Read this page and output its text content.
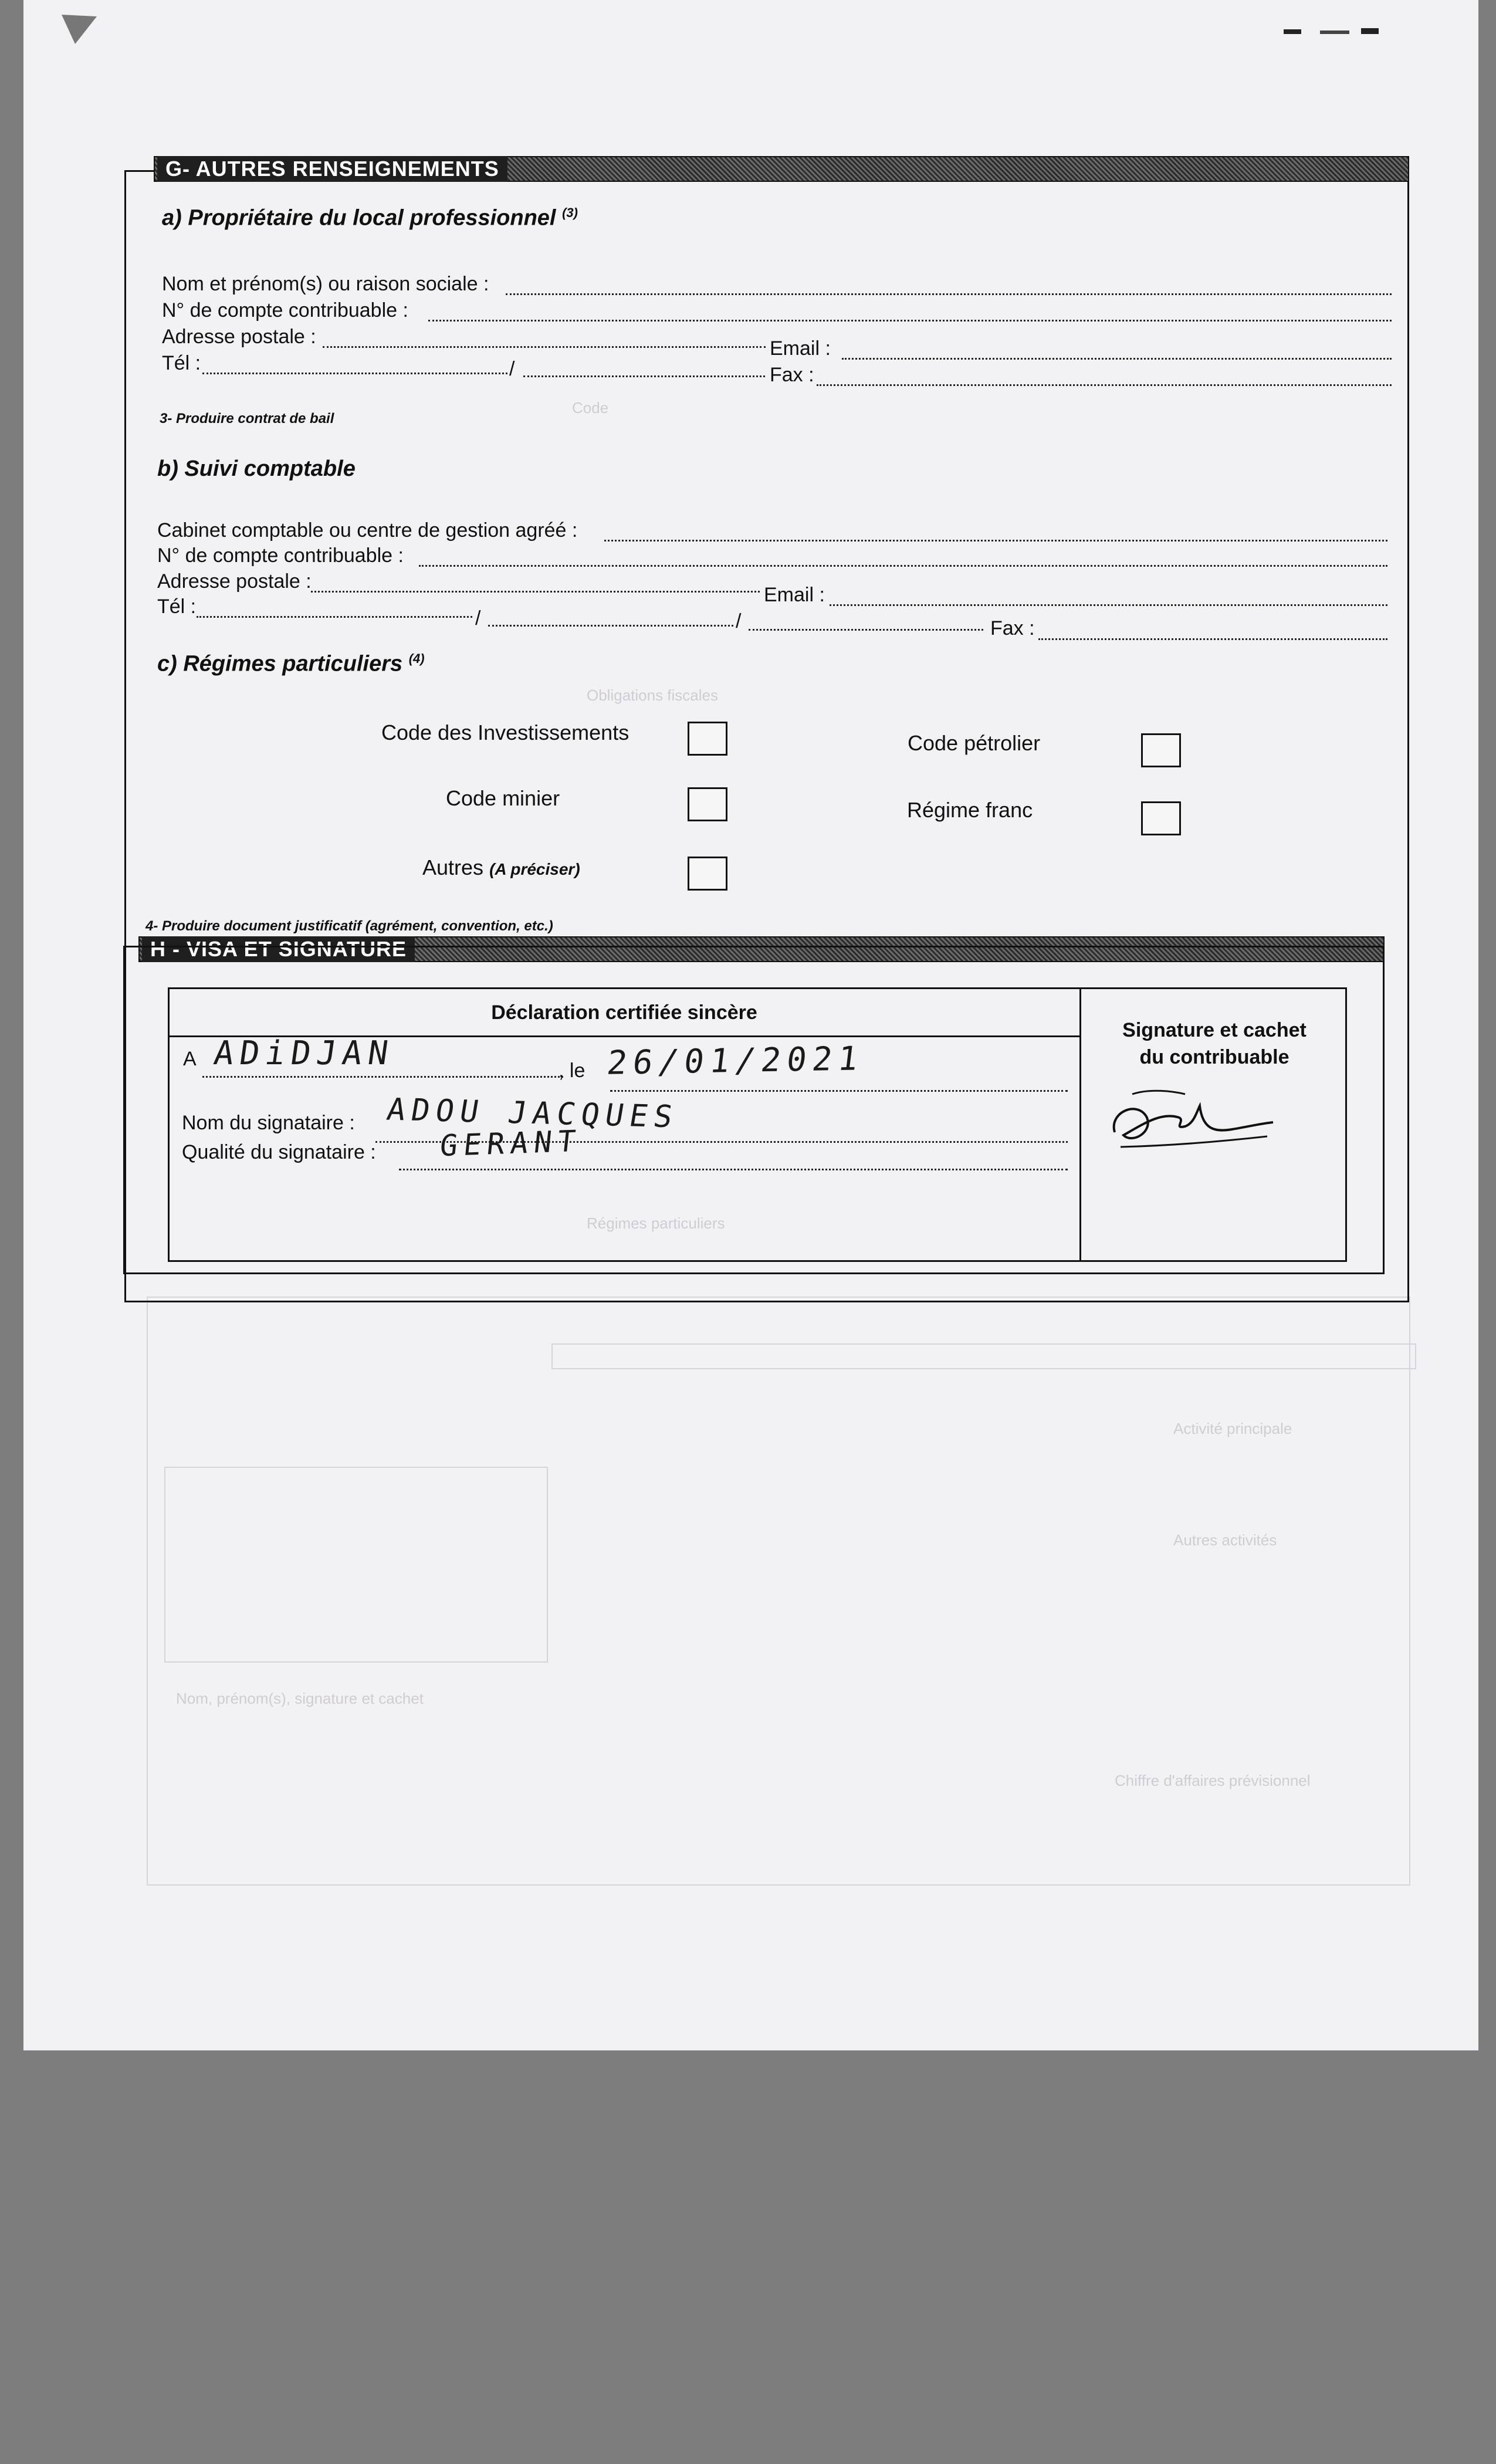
Code
Obligations fiscales
Régimes particuliers
Activité principale
Autres activités
Chiffre d'affaires prévisionnel
Nom, prénom(s), signature et cachet
G- AUTRES RENSEIGNEMENTS
a) Propriétaire du local professionnel $^{(3)}$
Nom et prénom(s) ou raison sociale :
N° de compte contribuable :
Adresse postale :
Email :
Tél :	/	Fax :
3- Produire contrat de bail
b) Suivi comptable
Cabinet comptable ou centre de gestion agréé :
N° de compte contribuable :
Adresse postale :
Email :
Tél :
/	/	Fax :
c) Régimes particuliers $^{(4)}$
Code des Investissements	Code pétrolier
Code minier	Régime franc
Autres (A préciser)
4- Produire document justificatif (agrément, convention, etc.)
H - VISA ET SIGNATURE
Déclaration certifiée sincère
Signature et cachet
du contribuable
A ADiDJAN	, le 26/01/2021
Nom du signataire : ADOU JACQUES
Qualité du signataire : GERANT
